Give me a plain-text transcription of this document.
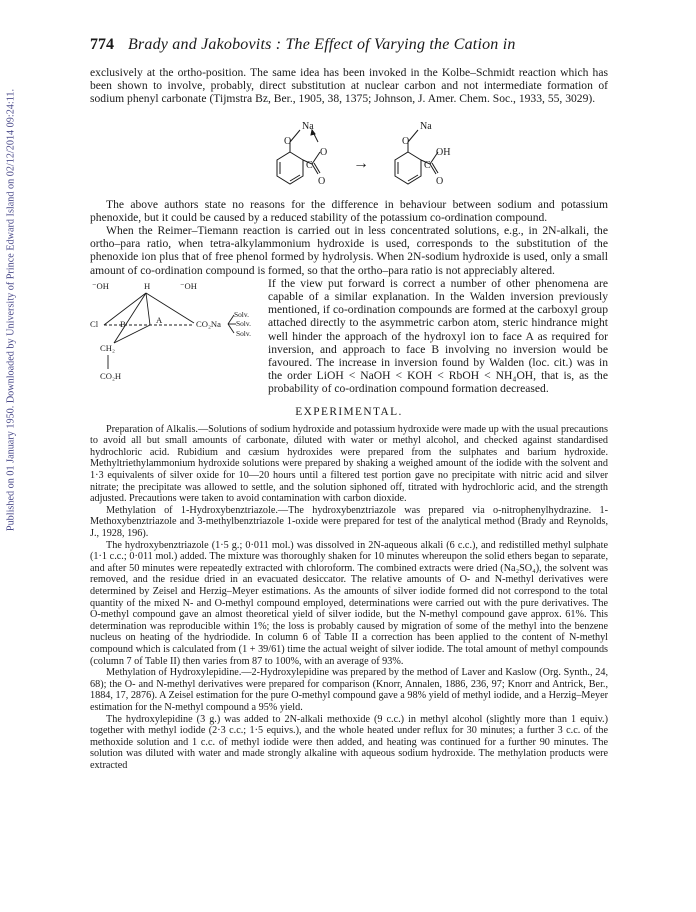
Published on 01 January 1950. Downloaded by University of Prince Edward Island on 02/12/2014 09:24:11.
774 Brady and Jakobovits : The Effect of Varying the Cation in

exclusively at the ortho-position. The same idea has been invoked in the Kolbe–Schmidt reaction which has been shown to involve, probably, direct substitution at nuclear carbon and not intermediate formation of sodium phenyl carbonate (Tijmstra Bz, Ber., 1905, 38, 1375; Johnson, J. Amer. Chem. Soc., 1933, 55, 3029).

O
Na
O
C
O
→
O
Na
OH
C
O

The above authors state no reasons for the difference in behaviour between sodium and potassium phenoxide, but it could be caused by a reduced stability of the potassium co-ordination compound.

When the Reimer–Tiemann reaction is carried out in less concentrated solutions, e.g., in 2N-alkali, the ortho–para ratio, when tetra-alkylammonium hydroxide is used, corresponds to the substitution of the phenoxide ion plus that of free phenol formed by hydrolysis. When 2N-sodium hydroxide is used, only a small amount of co-ordination compound is formed, so that the ortho–para ratio is not appreciably altered.

⁻OH	H	⁻OH
Cl	B	A	CO₂Na
Solv.
Solv.
Solv.
CH₂
CO₂H

If the view put forward is correct a number of other phenomena are capable of a similar explanation. In the Walden inversion previously mentioned, if co-ordination compounds are formed at the carboxyl group attached directly to the asymmetric carbon atom, steric hindrance might well hinder the approach of the hydroxyl ion to face A as required for inversion, and approach to face B involving no inversion would be favoured. The increase in inversion found by Walden (loc. cit.) was in the order LiOH < NaOH < KOH < RbOH < NH₄OH, that is, as the probability of co-ordination compound formation decreased.

EXPERIMENTAL.

Preparation of Alkalis.—Solutions of sodium hydroxide and potassium hydroxide were made up with the usual precautions to avoid all but small amounts of carbonate, diluted with water or methyl alcohol, and checked against standardised hydrochloric acid. Rubidium and cæsium hydroxides were prepared from the sulphates and barium hydroxide. Methyltriethylammonium hydroxide solutions were prepared by shaking a weighed amount of the iodide with the solvent and 1·3 equivalents of silver oxide for 10—20 hours until a filtered test portion gave no precipitate with nitric acid and silver nitrate; the precipitate was allowed to settle, and the solution siphoned off, titrated with hydrochloric acid, and the strength adjusted. Precautions were taken to avoid contamination with carbon dioxide.

Methylation of 1-Hydroxybenztriazole.—The hydroxybenztriazole was prepared via o-nitrophenylhydrazine. 1-Methoxybenztriazole and 3-methylbenztriazole 1-oxide were prepared for test of the analytical method (Brady and Reynolds, J., 1928, 196).

The hydroxybenztriazole (1·5 g.; 0·011 mol.) was dissolved in 2N-aqueous alkali (6 c.c.), and redistilled methyl sulphate (1·1 c.c.; 0·011 mol.) added. The mixture was thoroughly shaken for 10 minutes whereupon the solid ethers began to separate, and after 50 minutes were repeatedly extracted with chloroform. The combined extracts were dried (Na₂SO₄), the solvent was removed, and the residue dried in an evacuated desiccator. The relative amounts of O- and N-methyl derivatives were determined by Zeisel and Herzig–Meyer estimations. As the amounts of silver iodide formed did not correspond to the total quantity of the mixed N- and O-methyl compound employed, determinations were carried out with the pure derivatives. The O-methyl compound gave an almost theoretical yield of silver iodide, but the N-methyl compound gave approx. 61%. This determination was reproducible within 1%; the loss is probably caused by migration of some of the methyl into the benzene nucleus on heating of the hydriodide. In column 6 of Table II a correction has been applied to the content of N-methyl compound which is calculated from (1 + 39/61) time the actual weight of silver iodide. The total amount of methyl compounds (column 7 of Table II) then varies from 87 to 100%, with an average of 93%.

Methylation of Hydroxylepidine.—2-Hydroxylepidine was prepared by the method of Laver and Kaslow (Org. Synth., 24, 68); the O- and N-methyl derivatives were prepared for comparison (Knorr, Annalen, 1886, 236, 97; Knorr and Antrick, Ber., 1884, 17, 2876). A Zeisel estimation for the pure O-methyl compound gave a 98% yield of methyl iodide, and a Herzig–Meyer estimation for the N-methyl compound a 95% yield.

The hydroxylepidine (3 g.) was added to 2N-alkali methoxide (9 c.c.) in methyl alcohol (slightly more than 1 equiv.) together with methyl iodide (2·3 c.c.; 1·5 equivs.), and the whole heated under reflux for 30 minutes; a further 3 c.c. of the methoxide solution and 1 c.c. of methyl iodide were then added, and heating was continued for a further 90 minutes. The solution was diluted with water and made strongly alkaline with aqueous sodium hydroxide. The methylation products were extracted
